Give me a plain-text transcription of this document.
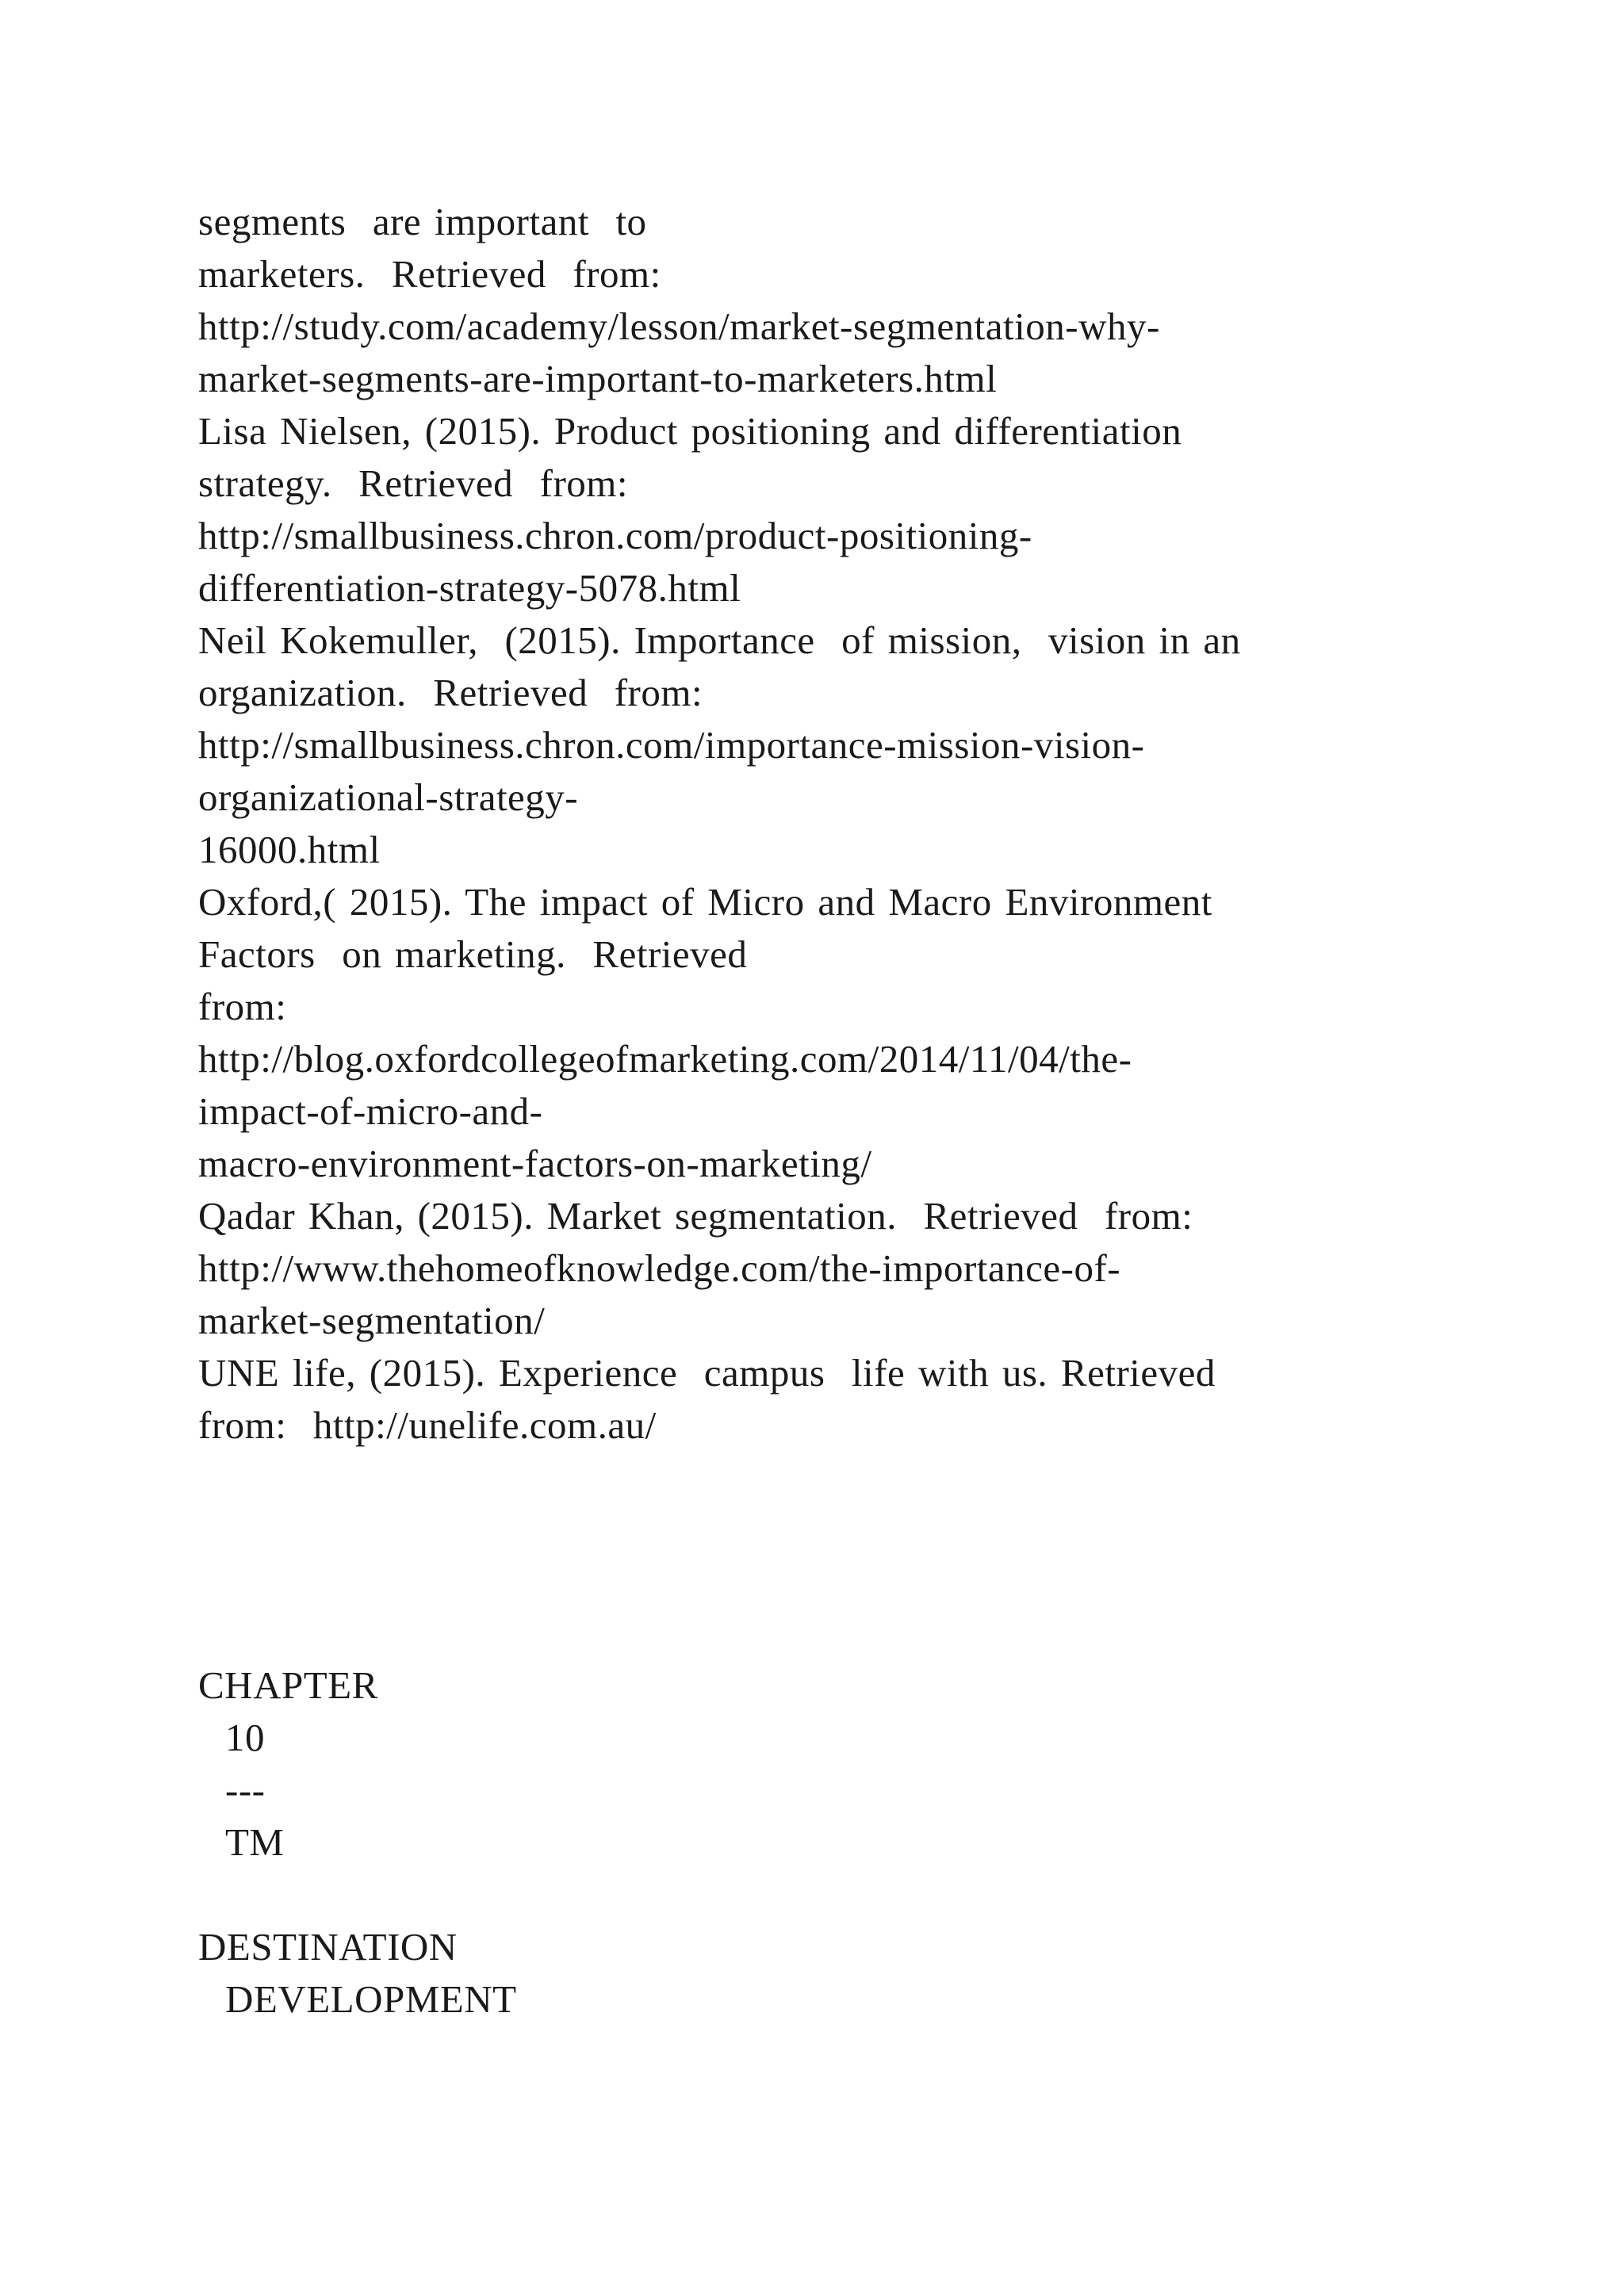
segments  are important  to
marketers.  Retrieved  from:
http://study.com/academy/lesson/market-segmentation-why-
market-segments-are-important-to-marketers.html
Lisa Nielsen, (2015). Product positioning and differentiation
strategy.  Retrieved  from:
http://smallbusiness.chron.com/product-positioning-
differentiation-strategy-5078.html
Neil Kokemuller,  (2015). Importance  of mission,  vision in an
organization.  Retrieved  from:
http://smallbusiness.chron.com/importance-mission-vision-
organizational-strategy-
16000.html
Oxford,( 2015). The impact of Micro and Macro Environment
Factors  on marketing.  Retrieved
from:
http://blog.oxfordcollegeofmarketing.com/2014/11/04/the-
impact-of-micro-and-
macro-environment-factors-on-marketing/
Qadar Khan, (2015). Market segmentation.  Retrieved  from:
http://www.thehomeofknowledge.com/the-importance-of-
market-segmentation/
UNE life, (2015). Experience  campus  life with us. Retrieved
from:  http://unelife.com.au/
CHAPTER
10
---
TM
DESTINATION
DEVELOPMENT
